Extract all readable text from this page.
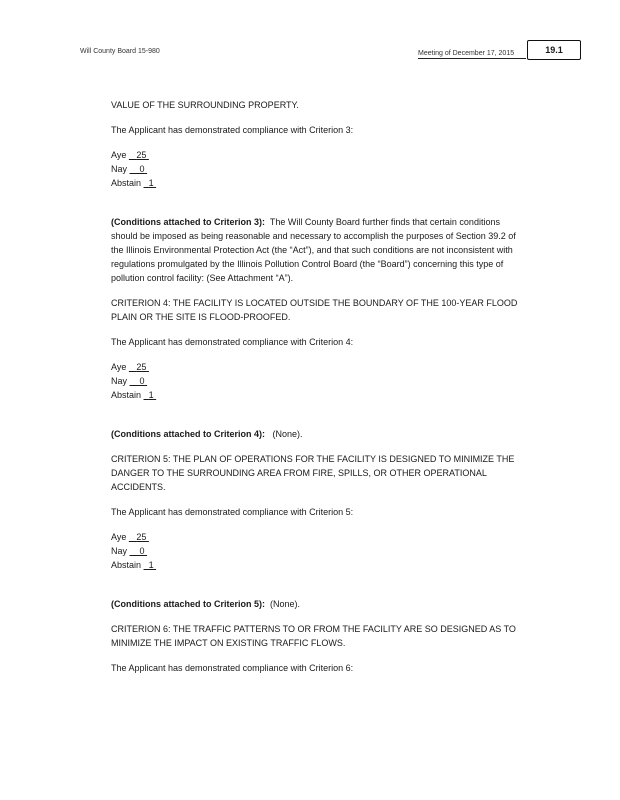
Will County Board 15-980	Meeting of December 17, 2015	19.1

VALUE OF THE SURROUNDING PROPERTY.

The Applicant has demonstrated compliance with Criterion 3:

Aye 25
Nay 0
Abstain 1

(Conditions attached to Criterion 3): The Will County Board further finds that certain conditions should be imposed as being reasonable and necessary to accomplish the purposes of Section 39.2 of the Illinois Environmental Protection Act (the “Act”), and that such conditions are not inconsistent with regulations promulgated by the Illinois Pollution Control Board (the “Board”) concerning this type of pollution control facility: (See Attachment “A”).

CRITERION 4: THE FACILITY IS LOCATED OUTSIDE THE BOUNDARY OF THE 100-YEAR FLOOD PLAIN OR THE SITE IS FLOOD-PROOFED.

The Applicant has demonstrated compliance with Criterion 4:

Aye 25
Nay 0
Abstain 1

(Conditions attached to Criterion 4): (None).

CRITERION 5: THE PLAN OF OPERATIONS FOR THE FACILITY IS DESIGNED TO MINIMIZE THE DANGER TO THE SURROUNDING AREA FROM FIRE, SPILLS, OR OTHER OPERATIONAL ACCIDENTS.

The Applicant has demonstrated compliance with Criterion 5:

Aye 25
Nay 0
Abstain 1

(Conditions attached to Criterion 5): (None).

CRITERION 6: THE TRAFFIC PATTERNS TO OR FROM THE FACILITY ARE SO DESIGNED AS TO MINIMIZE THE IMPACT ON EXISTING TRAFFIC FLOWS.

The Applicant has demonstrated compliance with Criterion 6:
